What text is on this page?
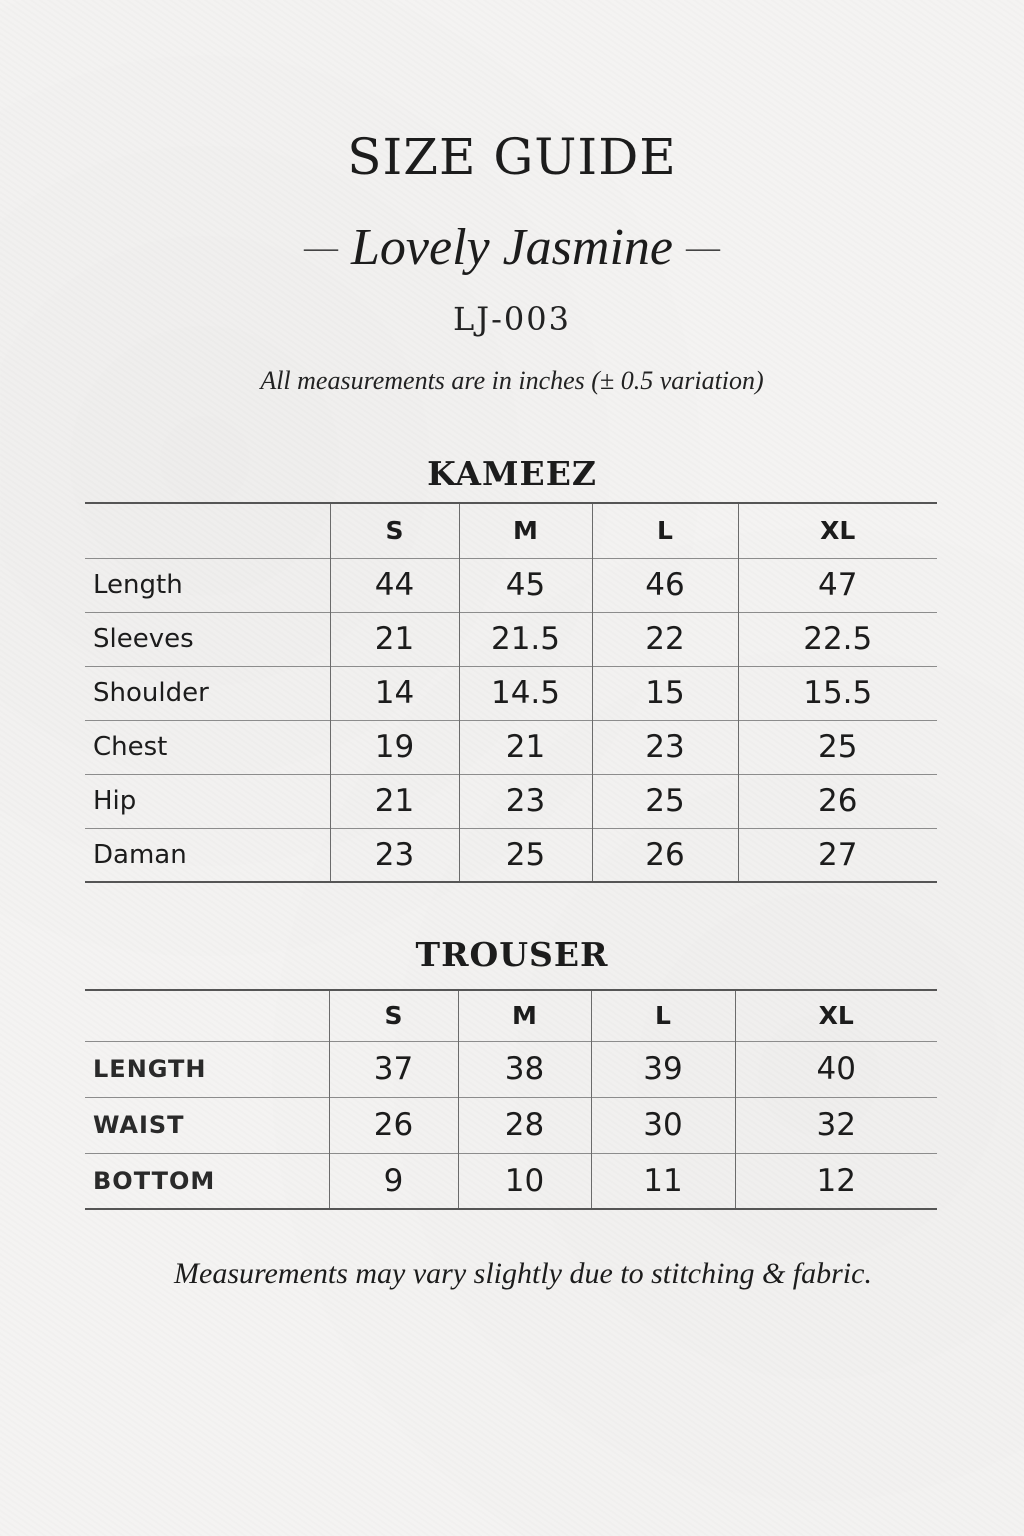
SIZE GUIDE
— Lovely Jasmine —
LJ-003
All measurements are in inches (± 0.5 variation)
KAMEEZ
	S	M	L	XL
Length	44	45	46	47
Sleeves	21	21.5	22	22.5
Shoulder	14	14.5	15	15.5
Chest	19	21	23	25
Hip	21	23	25	26
Daman	23	25	26	27
TROUSER
	S	M	L	XL
LENGTH	37	38	39	40
WAIST	26	28	30	32
BOTTOM	9	10	11	12
Measurements may vary slightly due to stitching & fabric.
